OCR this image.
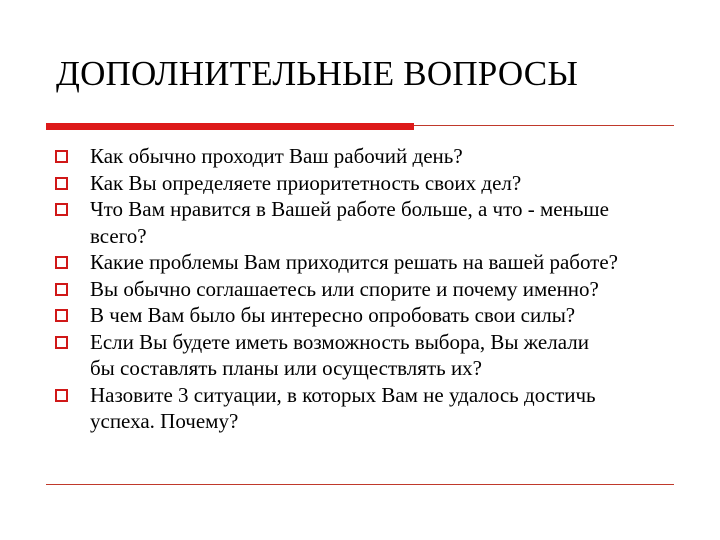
ДОПОЛНИТЕЛЬНЫЕ ВОПРОСЫ
Как обычно проходит Ваш рабочий день?
Как Вы определяете приоритетность своих дел?
Что Вам нравится в Вашей работе больше, а что - меньше
всего?
Какие проблемы Вам приходится решать на вашей работе?
Вы обычно соглашаетесь или спорите и почему именно?
В чем Вам было бы интересно опробовать свои силы?
Если Вы будете иметь возможность выбора, Вы желали
бы составлять планы или осуществлять их?
Назовите 3 ситуации, в которых Вам не удалось достичь
успеха. Почему?
